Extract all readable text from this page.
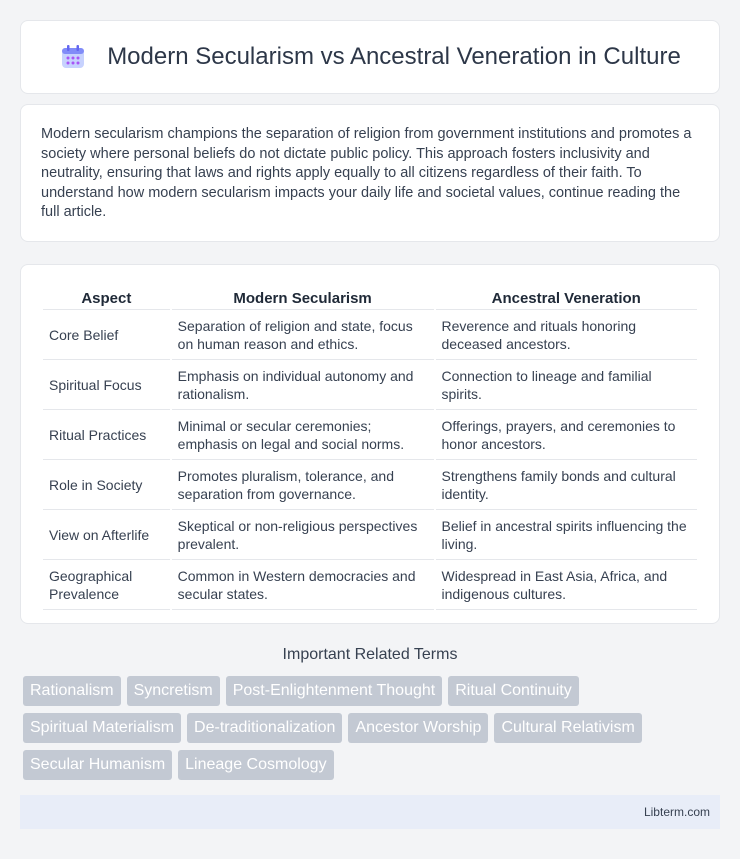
Modern Secularism vs Ancestral Veneration in Culture

Modern secularism champions the separation of religion from government institutions and promotes a society where personal beliefs do not dictate public policy. This approach fosters inclusivity and neutrality, ensuring that laws and rights apply equally to all citizens regardless of their faith. To understand how modern secularism impacts your daily life and societal values, continue reading the full article.

Aspect	Modern Secularism	Ancestral Veneration
Core Belief	Separation of religion and state, focus on human reason and ethics.	Reverence and rituals honoring deceased ancestors.
Spiritual Focus	Emphasis on individual autonomy and rationalism.	Connection to lineage and familial spirits.
Ritual Practices	Minimal or secular ceremonies; emphasis on legal and social norms.	Offerings, prayers, and ceremonies to honor ancestors.
Role in Society	Promotes pluralism, tolerance, and separation from governance.	Strengthens family bonds and cultural identity.
View on Afterlife	Skeptical or non-religious perspectives prevalent.	Belief in ancestral spirits influencing the living.
Geographical Prevalence	Common in Western democracies and secular states.	Widespread in East Asia, Africa, and indigenous cultures.
Important Related Terms
Rationalism	Syncretism	Post-Enlightenment Thought	Ritual Continuity
Spiritual Materialism	De-traditionalization	Ancestor Worship	Cultural Relativism
Secular Humanism	Lineage Cosmology
Libterm.com
